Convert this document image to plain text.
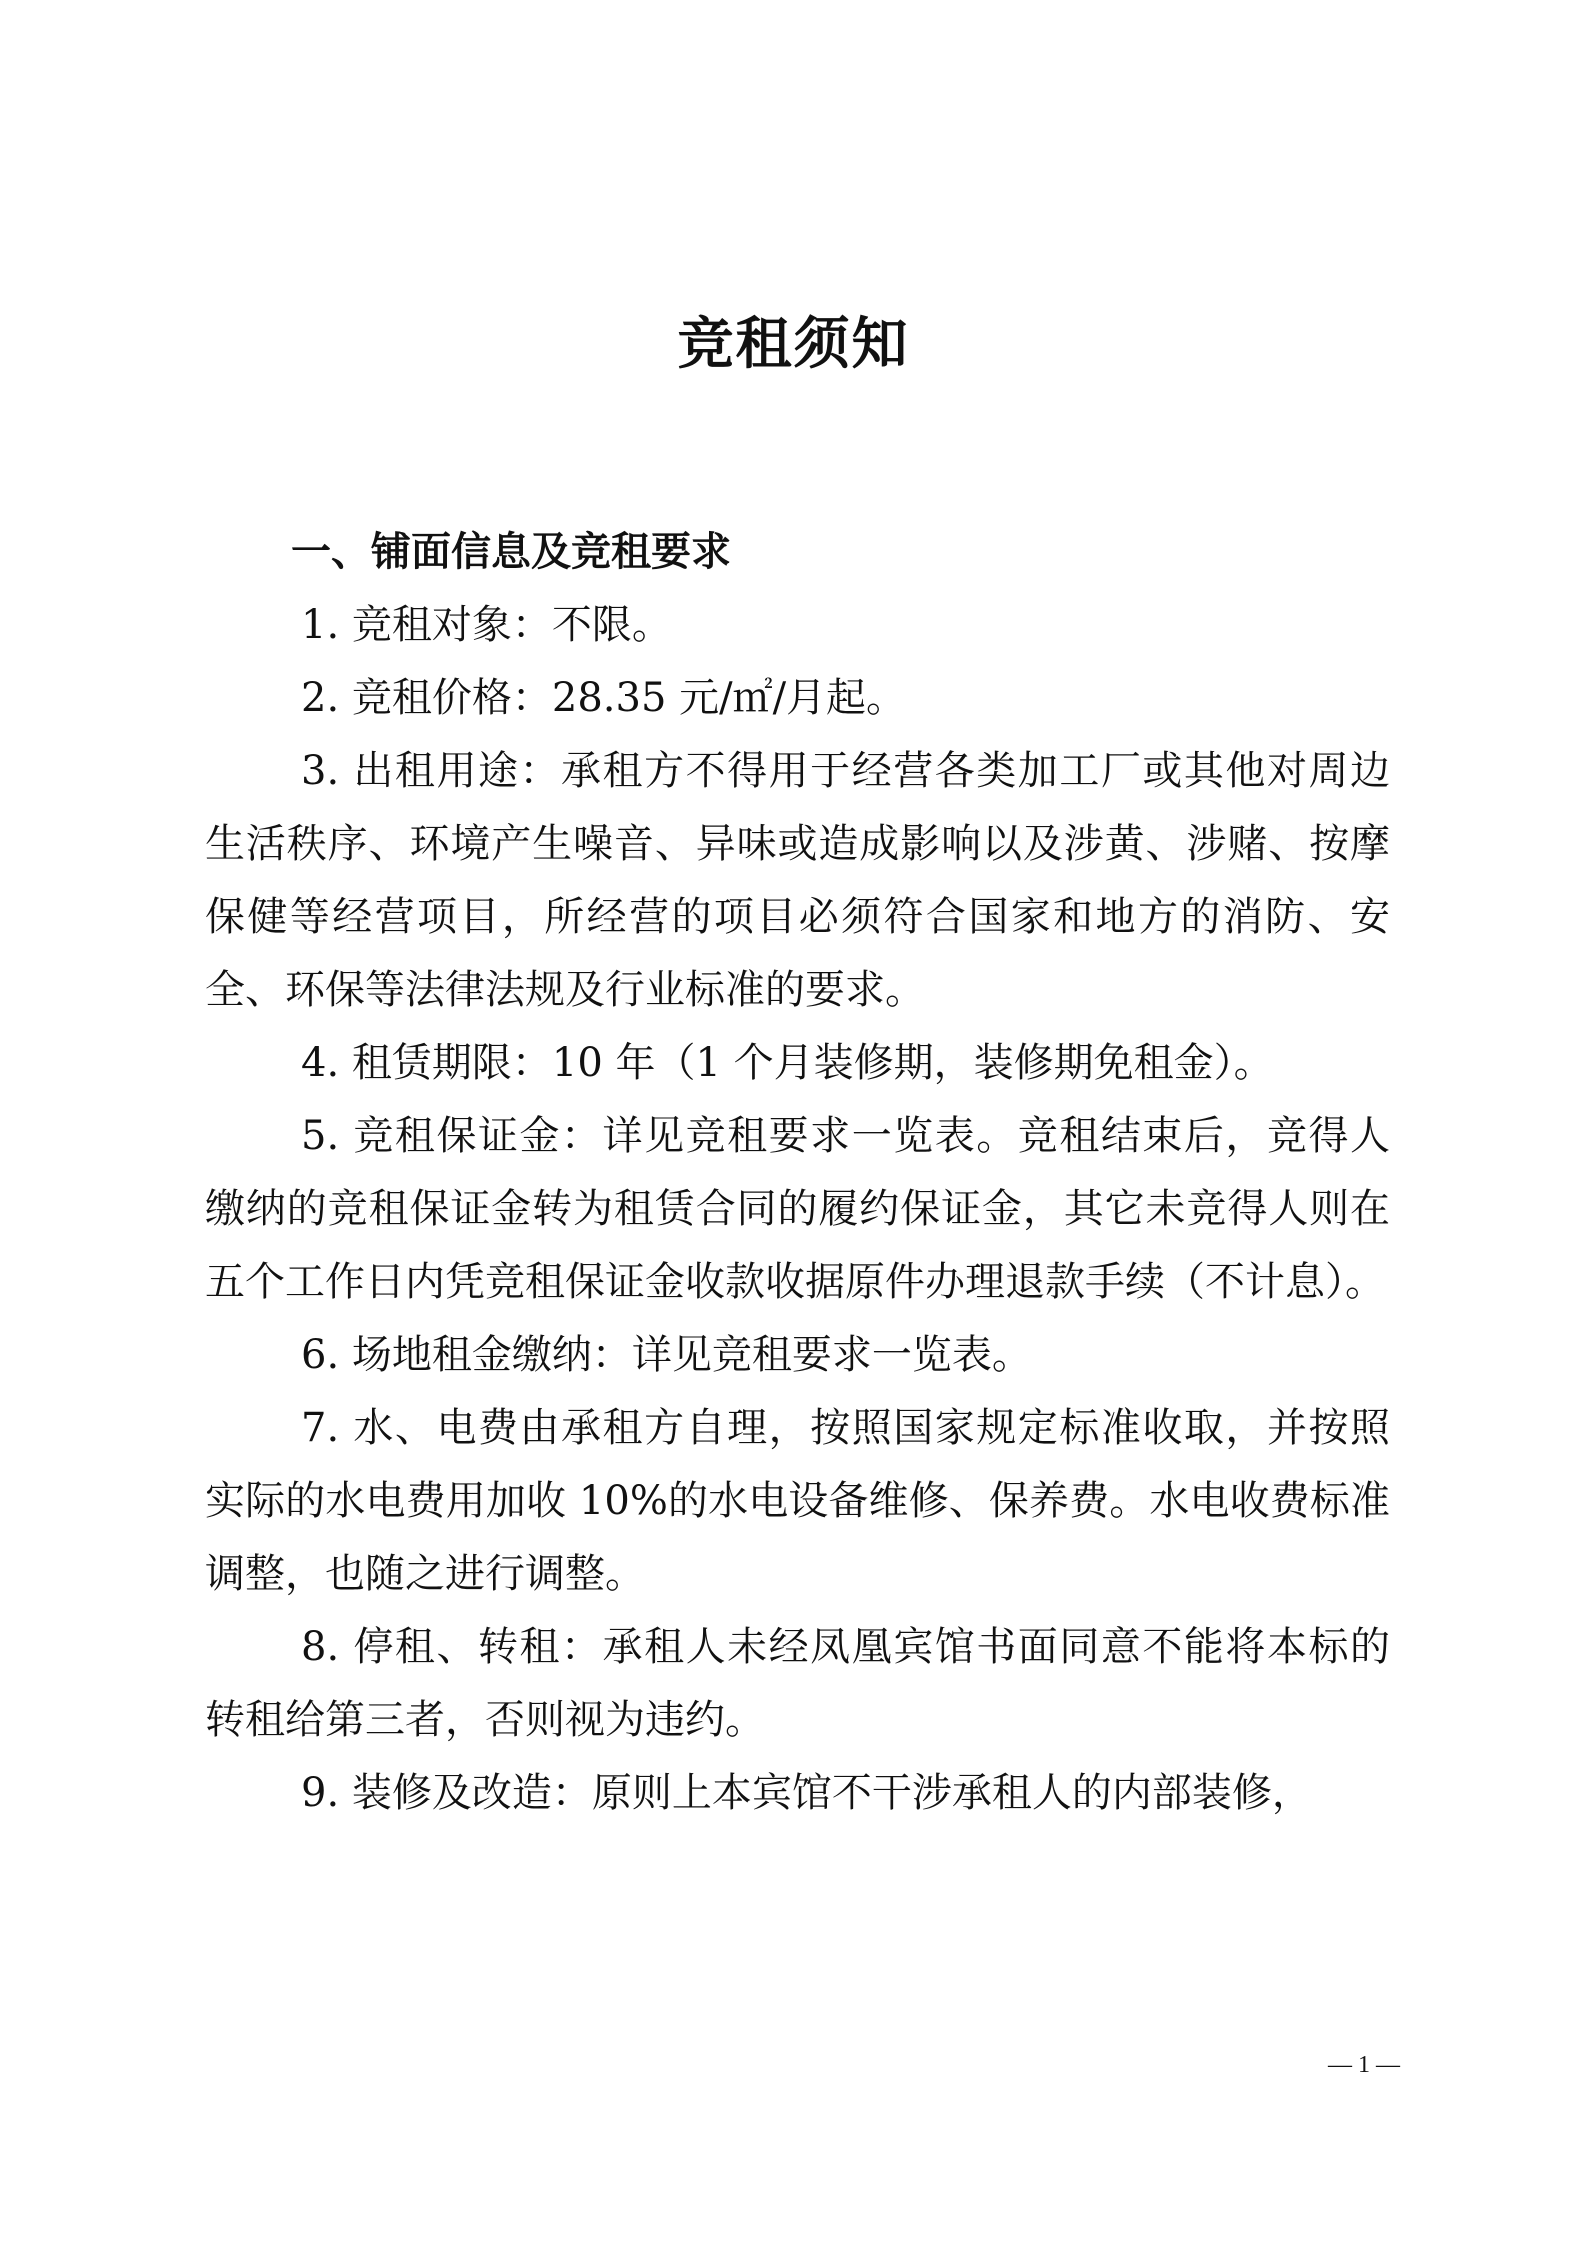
竞租须知

一、铺面信息及竞租要求

1. 竞租对象：不限。

2. 竞租价格：28.35 元/㎡/月起。

3. 出租用途：承租方不得用于经营各类加工厂或其他对周边生活秩序、环境产生噪音、异味或造成影响以及涉黄、涉赌、按摩保健等经营项目，所经营的项目必须符合国家和地方的消防、安全、环保等法律法规及行业标准的要求。

4. 租赁期限：10 年（1 个月装修期，装修期免租金）。

5. 竞租保证金：详见竞租要求一览表。竞租结束后，竞得人缴纳的竞租保证金转为租赁合同的履约保证金，其它未竞得人则在五个工作日内凭竞租保证金收款收据原件办理退款手续（不计息）。

6. 场地租金缴纳：详见竞租要求一览表。

7. 水、电费由承租方自理，按照国家规定标准收取，并按照实际的水电费用加收 10%的水电设备维修、保养费。水电收费标准调整，也随之进行调整。

8. 停租、转租：承租人未经凤凰宾馆书面同意不能将本标的转租给第三者，否则视为违约。

9. 装修及改造：原则上本宾馆不干涉承租人的内部装修，

— 1 —
